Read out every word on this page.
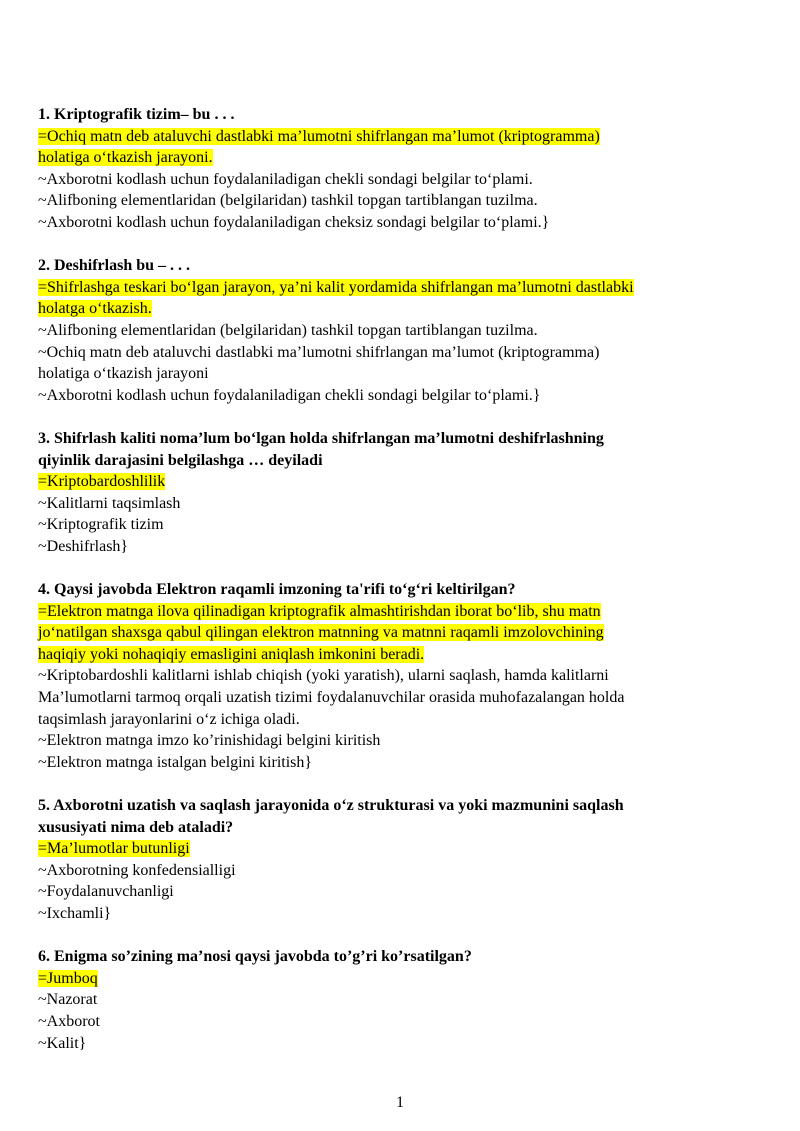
1. Kriptografik tizim– bu . . .
=Ochiq matn deb ataluvchi dastlabki ma’lumotni shifrlangan ma’lumot (kriptogramma)
holatiga o‘tkazish jarayoni.
~Axborotni kodlash uchun foydalaniladigan chekli sondagi belgilar to‘plami.
~Alifboning elementlaridan (belgilaridan) tashkil topgan tartiblangan tuzilma.
~Axborotni kodlash uchun foydalaniladigan cheksiz sondagi belgilar to‘plami.}
2. Deshifrlash bu – . . .
=Shifrlashga teskari bo‘lgan jarayon, ya’ni kalit yordamida shifrlangan ma’lumotni dastlabki
holatga o‘tkazish.
~Alifboning elementlaridan (belgilaridan) tashkil topgan tartiblangan tuzilma.
~Ochiq matn deb ataluvchi dastlabki ma’lumotni shifrlangan ma’lumot (kriptogramma)
holatiga o‘tkazish jarayoni
~Axborotni kodlash uchun foydalaniladigan chekli sondagi belgilar to‘plami.}
3. Shifrlash kaliti noma’lum bo‘lgan holda shifrlangan ma’lumotni deshifrlashning
qiyinlik darajasini belgilashga … deyiladi
=Kriptobardoshlilik
~Kalitlarni taqsimlash
~Kriptografik tizim
~Deshifrlash}
4. Qaysi javobda Elektron raqamli imzoning ta'rifi to‘g‘ri keltirilgan?
=Elektron matnga ilova qilinadigan kriptografik almashtirishdan iborat bo‘lib, shu matn
jo‘natilgan shaxsga qabul qilingan elektron matnning va matnni raqamli imzolovchining
haqiqiy yoki nohaqiqiy emasligini aniqlash imkonini beradi.
~Kriptobardoshli kalitlarni ishlab chiqish (yoki yaratish), ularni saqlash, hamda kalitlarni
Ma’lumotlarni tarmoq orqali uzatish tizimi foydalanuvchilar orasida muhofazalangan holda
taqsimlash jarayonlarini o‘z ichiga oladi.
~Elektron matnga imzo ko’rinishidagi belgini kiritish
~Elektron matnga istalgan belgini kiritish}
5. Axborotni uzatish va saqlash jarayonida o‘z strukturasi va yoki mazmunini saqlash
xususiyati nima deb ataladi?
=Ma’lumotlar butunligi
~Axborotning konfedensialligi
~Foydalanuvchanligi
~Ixchamli}
6. Enigma so’zining ma’nosi qaysi javobda to’g’ri ko’rsatilgan?
=Jumboq
~Nazorat
~Axborot
~Kalit}
1
